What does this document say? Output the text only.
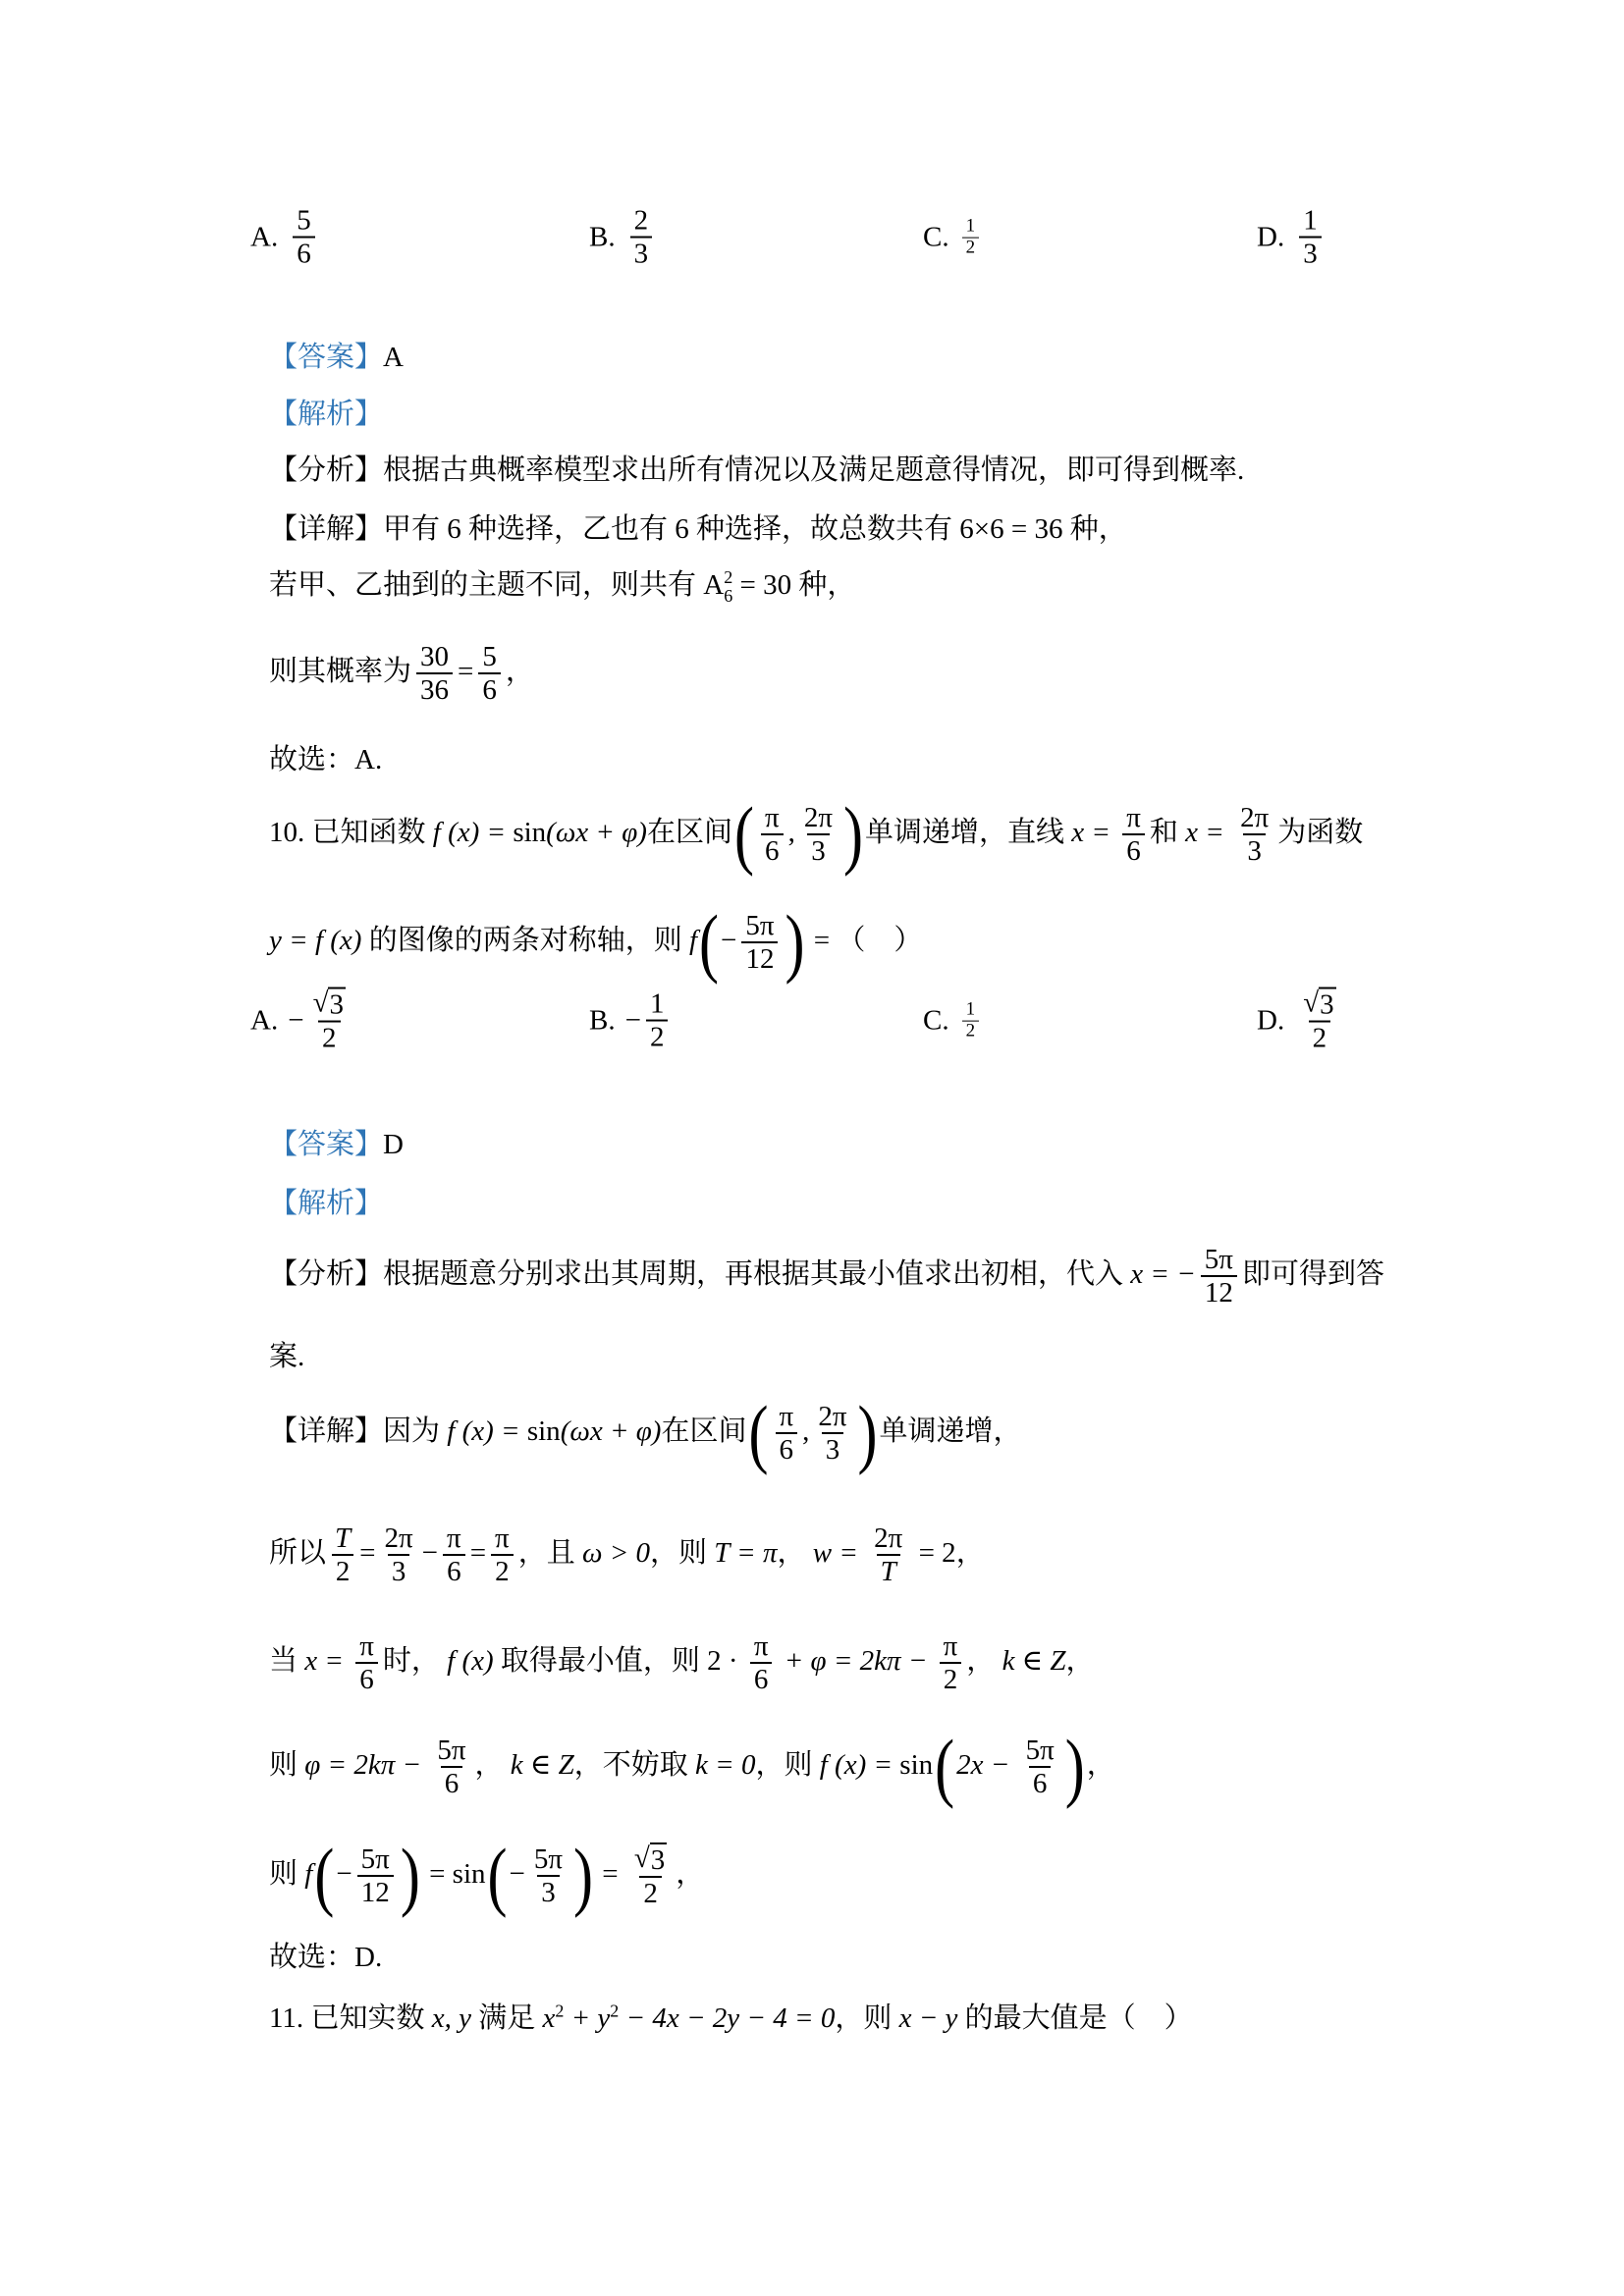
A.
5
6
B.
2
3
C. 1
2	D.
1
3

【答案】A

【解析】

【分析】根据古典概率模型求出所有情况以及满足题意得情况，即可得到概率.

【详解】甲有 6 种选择，乙也有 6 种选择，故总数共有 6×6 = 36 种，

若甲、乙抽到的主题不同，则共有 A 2
6 = 30 种，

则其概率为 $\frac{30}{36} = \frac{5}{6}$ ，

故选：A.

10. 已知函数 f (x) = sin(ωx + φ)在区间( $\frac{\pi}{6}$ , $\frac{2\pi}{3}$ )单调递增，直线 $x = \frac{\pi}{6}$ 和 $x = \frac{2\pi}{3}$ 为函数

y = f (x) 的图像的两条对称轴，则 $f(- \frac{5\pi}{12}$ ) = （　）

A. − $\frac{√ 3}{2}$	B. − $\frac{1}{2}$	C. 1
2	D.
√ 3
2

【答案】D

【解析】

【分析】根据题意分别求出其周期，再根据其最小值求出初相，代入 x = − $\frac{5\pi}{12}$ 即可得到答

案.

【详解】因为 f (x) = sin(ωx + φ)在区间( $\frac{\pi}{6}$ , $\frac{2\pi}{3}$ )单调递增，

所以 $\frac{T}{2} = \frac{2\pi}{3} - \frac{\pi}{6} = \frac{\pi}{2}$ ，且 ω > 0，则 T = π， $w = \frac{2\pi}{T} = 2$，

当 $x = \frac{\pi}{6}$ 时， f (x) 取得最小值，则 $2 \cdot \frac{\pi}{6} + \varphi = 2k\pi - \frac{\pi}{2}$ ， k ∈ Z，

则 $\varphi = 2k\pi - \frac{5\pi}{6}$ ， k ∈ Z，不妨取 k = 0，则 f $(x) = \sin(2x - \frac{5\pi}{6}$ )，

则 $f(- \frac{5\pi}{12}$ ) = $\sin(- \frac{5\pi}{3}$ ) = $\frac{√ 3}{2}$ ，

故选：D.

11. 已知实数 x, y 满足 $x^2 + y^2 - 4x - 2y - 4 = 0$，则 x − y 的最大值是（　）
